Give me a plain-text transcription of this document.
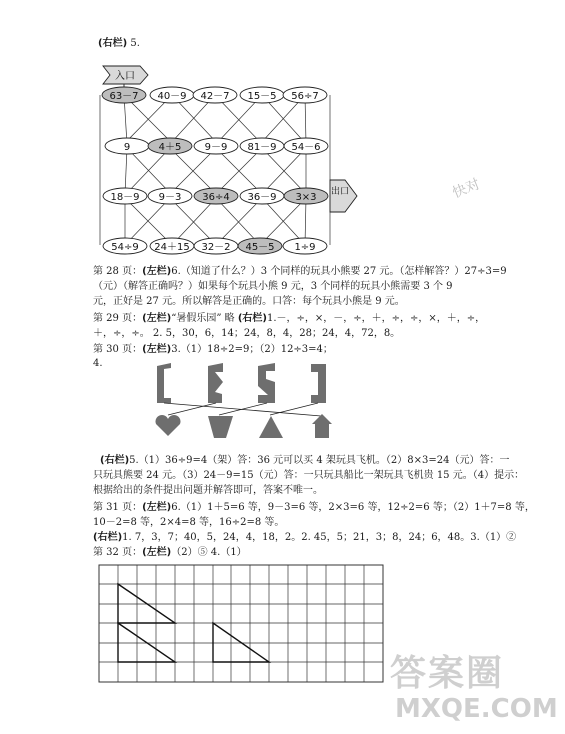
(右栏) 5.
63－7 40－9 42－7 15－5 56÷7
9	4＋5 9－9 81－9 54－6
18－9 9－3 36÷4 36－9 3×3
54÷9 24＋15 32－2 45－5 1÷9
入口
出口
第 28 页：(左栏)6.（知道了什么？）3 个同样的玩具小熊要 27 元。（怎样解答？）27÷3=9
（元）（解答正确吗？）如果每个玩具小熊 9 元，3 个同样的玩具小熊需要 3 个 9
元，正好是 27 元。所以解答是正确的。口答：每个玩具小熊是 9 元。
第 29 页：(左栏)“暑假乐园” 略 (右栏)1.－，÷，×，－，÷，＋，÷，÷，×，＋，÷，
＋，÷，÷。 2. 5，30，6，14；24，8，4，28；24，4，72，8。
第 30 页：(左栏)3.（1）18÷2=9；（2）12÷3=4；
4.
(右栏)5.（1）36÷9=4（架）答：36 元可以买 4 架玩具飞机。（2）8×3=24（元）答：一
只玩具熊要 24 元。（3）24－9=15（元）答：一只玩具船比一架玩具飞机贵 15 元。（4）提示：
根据给出的条件提出问题并解答即可，答案不唯一。
第 31 页：(左栏)6.（1）1＋5=6 等，9－3=6 等，2×3=6 等，12÷2=6 等；（2）1＋7=8 等，
10－2=8 等，2×4=8 等，16÷2=8 等。
(右栏)1. 7，3，7；40，5，24，4，18，2。2. 45，5；21，3；8，24；6，48。3.（1）②
第 32 页：(左栏)（2）⑤ 4.（1）
快对
答案圈
MXQE.COM
